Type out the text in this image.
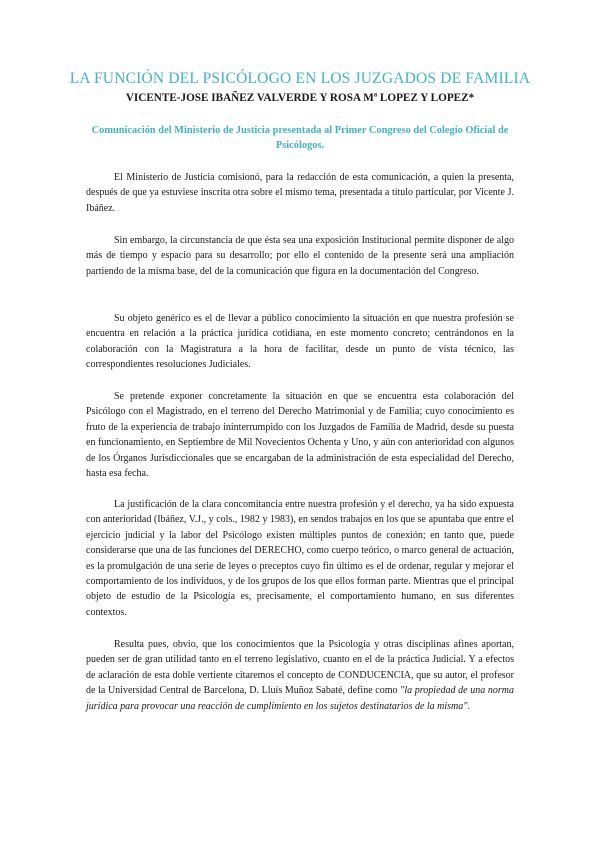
LA FUNCIÓN DEL PSICÓLOGO EN LOS JUZGADOS DE FAMILIA

VICENTE-JOSE IBAÑEZ VALVERDE Y ROSA Mª LOPEZ Y LOPEZ*

Comunicación del Ministerio de Justicia presentada al Primer Congreso del Colegio Oficial de Psicólogos.

El Ministerio de Justicia comisionó, para la redacción de esta comunicación, a quien la presenta, después de que ya estuviese inscrita otra sobre el mismo tema, presentada a título particular, por Vicente J. Ibáñez.

Sin embargo, la circunstancia de que ésta sea una exposición Institucional permite disponer de algo más de tiempo y espacio para su desarrollo; por ello el contenido de la presente será una ampliación partiendo de la misma base, del de la comunicación que figura en la documentación del Congreso.

Su objeto genérico es el de llevar a público conocimiento la situación en que nuestra profesión se encuentra en relación a la práctica jurídica cotidiana, en este momento concreto; centrándonos en la colaboración con la Magistratura a la hora de facilitar, desde un punto de vista técnico, las correspondientes resoluciones Judiciales.

Se pretende exponer concretamente la situación en que se encuentra esta colaboración del Psicólogo con el Magistrado, en el terreno del Derecho Matrimonial y de Familia; cuyo conocimiento es fruto de la experiencia de trabajo ininterrumpido con los Juzgados de Familia de Madrid, desde su puesta en funcionamiento, en Septiembre de Mil Novecientos Ochenta y Uno, y aún con anterioridad con algunos de los Órganos Jurisdiccionales que se encargaban de la administración de esta especialidad del Derecho, hasta esa fecha.

La justificación de la clara concomitancia entre nuestra profesión y el derecho, ya ha sido expuesta con anterioridad (Ibáñez, V.J., y cols., 1982 y 1983), en sendos trabajos en los que se apuntaba que entre el ejercicio judicial y la labor del Psicólogo existen múltiples puntos de conexión; en tanto que, puede considerarse que una de las funciones del DERECHO, como cuerpo teórico, o marco general de actuación, es la promulgación de una serie de leyes o preceptos cuyo fin último es el de ordenar, regular y mejorar el comportamiento de los individuos, y de los grupos de los que ellos forman parte. Mientras que el principal objeto de estudio de la Psicología es, precisamente, el comportamiento humano, en sus diferentes contextos.

Resulta pues, obvio, que los conocimientos que la Psicología y otras disciplinas afines aportan, pueden ser de gran utilidad tanto en el terreno legislativo, cuanto en el de la práctica Judicial. Y a efectos de aclaración de esta doble vertiente citaremos el concepto de CONDUCENCIA, que su autor, el profesor de la Universidad Central de Barcelona, D. Lluís Muñoz Sabaté, define como "la propiedad de una norma jurídica para provocar una reacción de cumplimiento en los sujetos destinatarios de la misma".
